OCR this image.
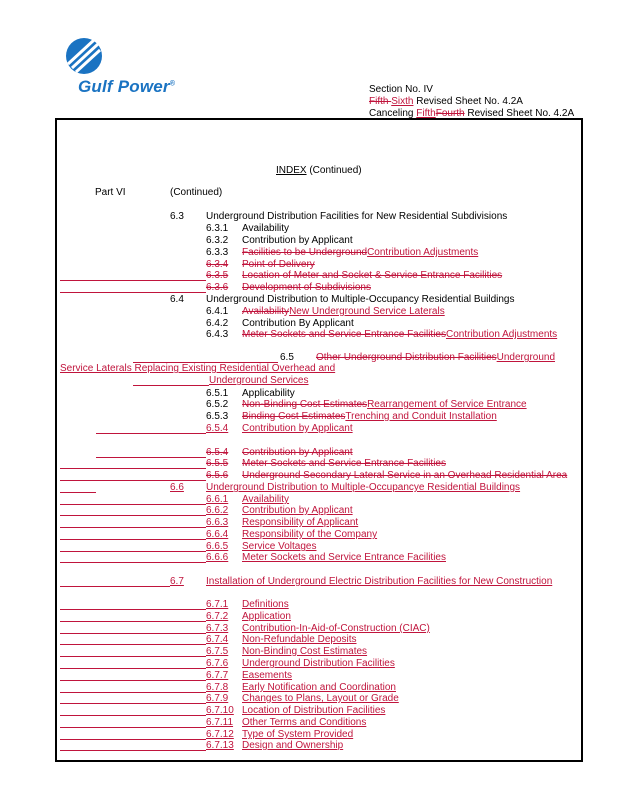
Gulf Power®
Section No. IV
Fifth Sixth Revised Sheet No. 4.2A
Canceling FifthFourth Revised Sheet No. 4.2A
INDEX (Continued)
Part VI	(Continued)
6.3 Underground Distribution Facilities for New Residential Subdivisions
6.3.1 Availability
6.3.2 Contribution by Applicant
6.3.3 Facilities to be UndergroundContribution Adjustments
6.3.4 Point of Delivery
6.3.5 Location of Meter and Socket & Service Entrance Facilities
6.3.6 Development of Subdivisions
6.4 Underground Distribution to Multiple-Occupancy Residential Buildings
6.4.1 AvailabilityNew Underground Service Laterals
6.4.2 Contribution By Applicant
6.4.3 Meter Sockets and Service Entrance FacilitiesContribution Adjustments
6.5 Other Underground Distribution FacilitiesUnderground
Service Laterals Replacing Existing Residential Overhead and
Underground Services
6.5.1 Applicability
6.5.2 Non-Binding Cost EstimatesRearrangement of Service Entrance
6.5.3 Binding Cost EstimatesTrenching and Conduit Installation
6.5.4 Contribution by Applicant
6.5.4 Contribution by Applicant
6.5.5 Meter Sockets and Service Entrance Facilities
6.5.6 Underground Secondary Lateral Service in an Overhead Residential Area
6.6 Underground Distribution to Multiple-Occupancye Residential Buildings
6.6.1 Availability
6.6.2 Contribution by Applicant
6.6.3 Responsibility of Applicant
6.6.4 Responsibility of the Company
6.6.5 Service Voltages
6.6.6 Meter Sockets and Service Entrance Facilities
6.7 Installation of Underground Electric Distribution Facilities for New Construction
6.7.1 Definitions
6.7.2 Application
6.7.3 Contribution-In-Aid-of-Construction (CIAC)
6.7.4 Non-Refundable Deposits
6.7.5 Non-Binding Cost Estimates
6.7.6 Underground Distribution Facilities
6.7.7 Easements
6.7.8 Early Notification and Coordination
6.7.9 Changes to Plans, Layout or Grade
6.7.10 Location of Distribution Facilities
6.7.11 Other Terms and Conditions
6.7.12 Type of System Provided
6.7.13 Design and Ownership
